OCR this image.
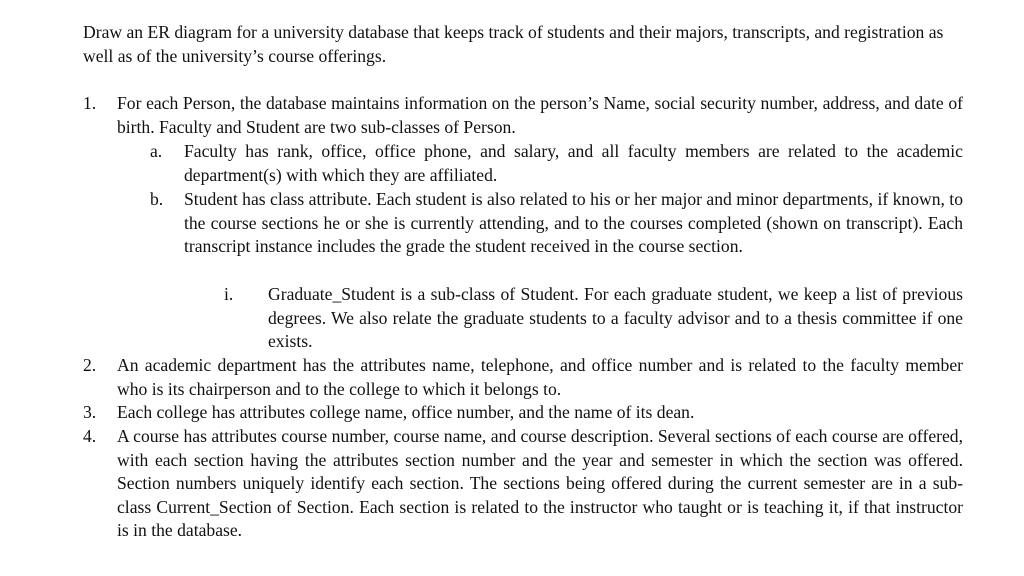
Draw an ER diagram for a university database that keeps track of students and their majors, transcripts, and registration as well as of the university’s course offerings.

1. For each Person, the database maintains information on the person’s Name, social security number, address, and date of birth. Faculty and Student are two sub-classes of Person.
a. Faculty has rank, office, office phone, and salary, and all faculty members are related to the academic department(s) with which they are affiliated.
b. Student has class attribute. Each student is also related to his or her major and minor departments, if known, to the course sections he or she is currently attending, and to the courses completed (shown on transcript). Each transcript instance includes the grade the student received in the course section.
i. Graduate_Student is a sub-class of Student. For each graduate student, we keep a list of previous degrees. We also relate the graduate students to a faculty advisor and to a thesis committee if one exists.
2. An academic department has the attributes name, telephone, and office number and is related to the faculty member who is its chairperson and to the college to which it belongs to.
3. Each college has attributes college name, office number, and the name of its dean.
4. A course has attributes course number, course name, and course description. Several sections of each course are offered, with each section having the attributes section number and the year and semester in which the section was offered. Section numbers uniquely identify each section. The sections being offered during the current semester are in a sub-class Current_Section of Section. Each section is related to the instructor who taught or is teaching it, if that instructor is in the database.
